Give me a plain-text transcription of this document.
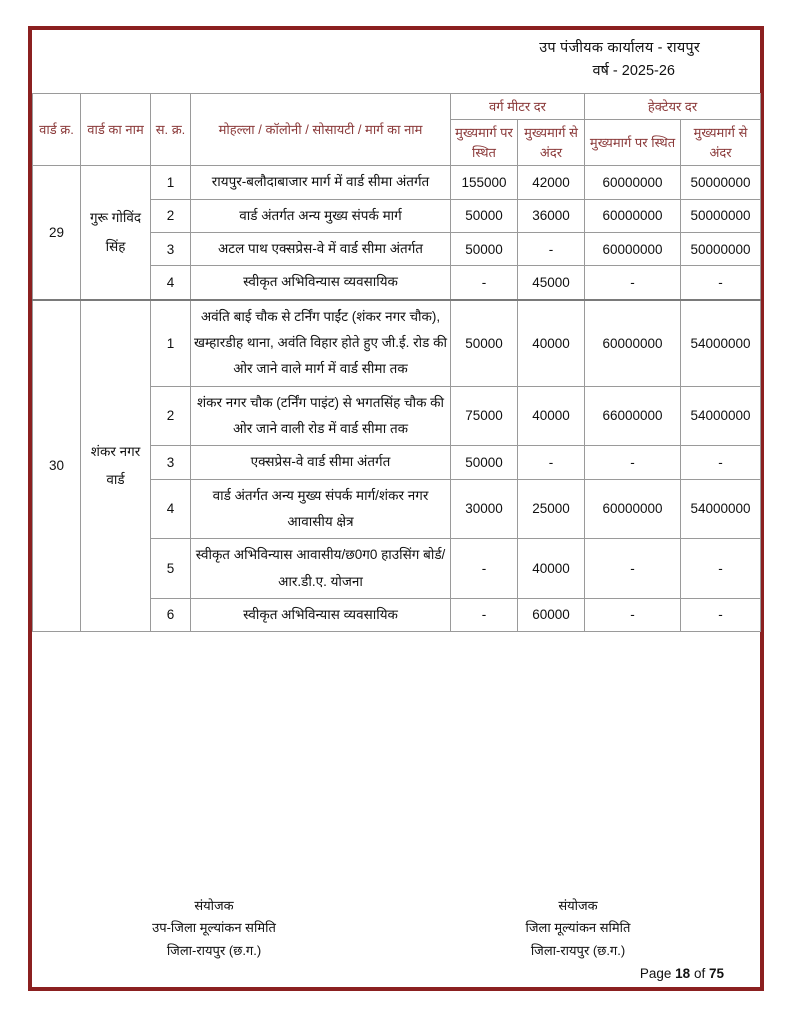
उप पंजीयक कार्यालय - रायपुर
वर्ष - 2025-26
वार्ड क्र.	वार्ड का नाम	स. क्र.	मोहल्ला / कॉलोनी / सोसायटी / मार्ग का नाम	वर्ग मीटर दर		हेक्टेयर दर	
				मुख्यमार्ग पर स्थित	मुख्यमार्ग से अंदर	मुख्यमार्ग पर स्थित	मुख्यमार्ग से अंदर
29	गुरू गोविंद सिंह	1	रायपुर-बलौदाबाजार मार्ग में वार्ड सीमा अंतर्गत	155000	42000	60000000	50000000
		2	वार्ड अंतर्गत अन्य मुख्य संपर्क मार्ग	50000	36000	60000000	50000000
		3	अटल पाथ एक्सप्रेस-वे में वार्ड सीमा अंतर्गत	50000	-	60000000	50000000
		4	स्वीकृत अभिविन्यास व्यवसायिक	-	45000	-	-
30	शंकर नगर वार्ड	1	अवंति बाई चौक से टर्निंग पाईंट (शंकर नगर चौक), खम्हारडीह थाना, अवंति विहार होते हुए जी.ई. रोड की ओर जाने वाले मार्ग में वार्ड सीमा तक	50000	40000	60000000	54000000
		2	शंकर नगर चौक (टर्निंग पाइंट) से भगतसिंह चौक की ओर जाने वाली रोड में वार्ड सीमा तक	75000	40000	66000000	54000000
		3	एक्सप्रेस-वे वार्ड सीमा अंतर्गत	50000	-	-	-
		4	वार्ड अंतर्गत अन्य मुख्य संपर्क मार्ग/शंकर नगर आवासीय क्षेत्र	30000	25000	60000000	54000000
		5	स्वीकृत अभिविन्यास आवासीय/छ0ग0 हाउसिंग बोर्ड/आर.डी.ए. योजना	-	40000	-	-
		6	स्वीकृत अभिविन्यास व्यवसायिक	-	60000	-	-
संयोजक
उप-जिला मूल्यांकन समिति
जिला-रायपुर (छ.ग.)
संयोजक
जिला मूल्यांकन समिति
जिला-रायपुर (छ.ग.)
Page 18 of 75
